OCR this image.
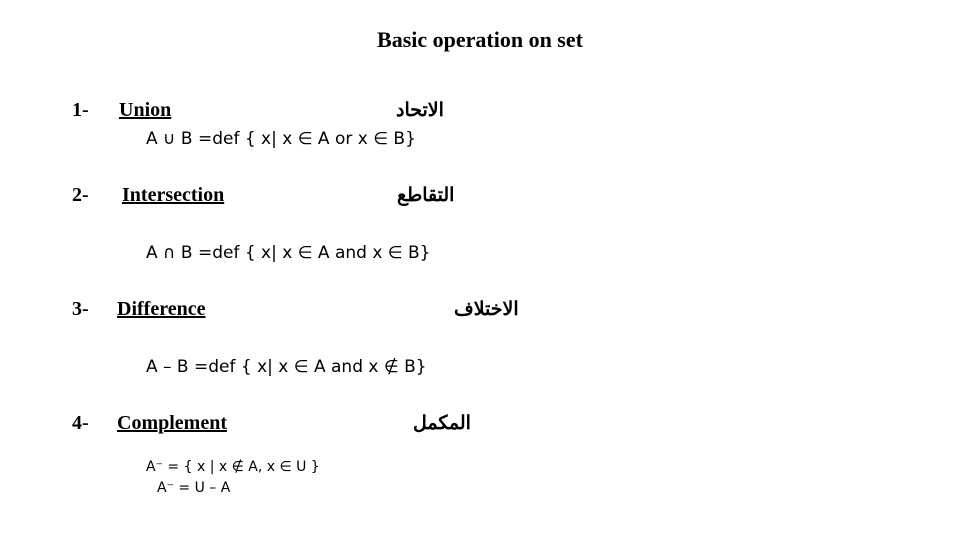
Basic operation on set
1- Union	الاتحاد
A ∪ B =def { x| x ∈ A or x ∈ B}
2- Intersection	التقاطع
A ∩ B =def { x| x ∈ A and x ∈ B}
3- Difference	الاختلاف
A – B =def { x| x ∈ A and x ∉ B}
4- Complement	المكمل
A⁻ = { x | x ∉ A, x ∈ U }
A⁻ = U – A
